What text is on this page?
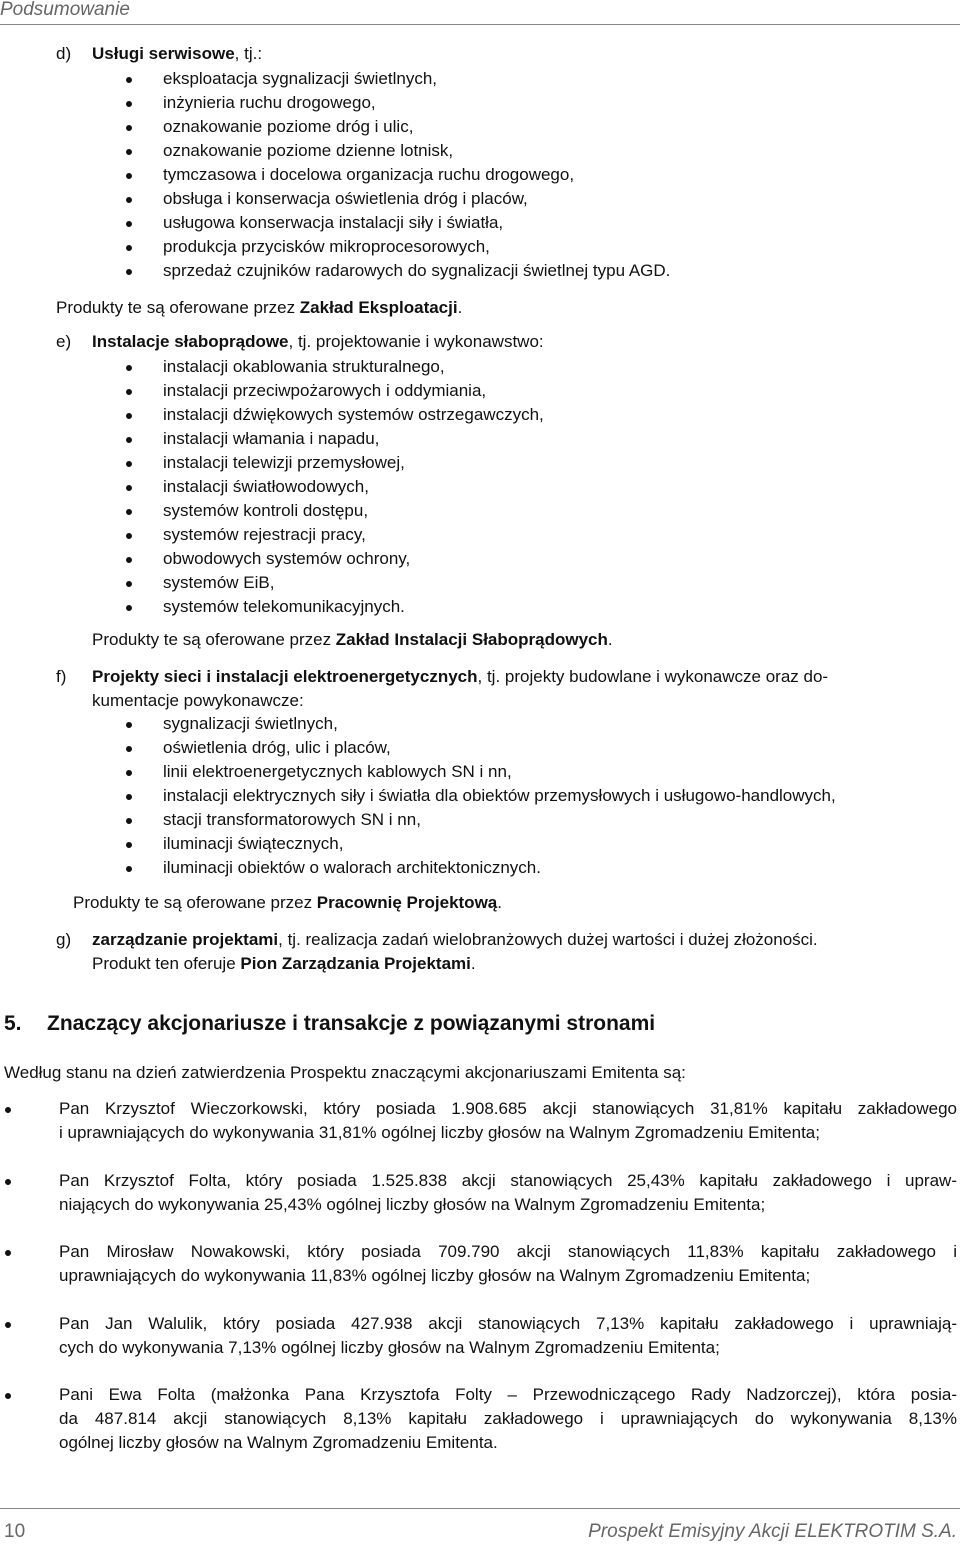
Podsumowanie
d) Usługi serwisowe, tj.:
eksploatacja sygnalizacji świetlnych,
inżynieria ruchu drogowego,
oznakowanie poziome dróg i ulic,
oznakowanie poziome dzienne lotnisk,
tymczasowa i docelowa organizacja ruchu drogowego,
obsługa i konserwacja oświetlenia dróg i placów,
usługowa konserwacja instalacji siły i światła,
produkcja przycisków mikroprocesorowych,
sprzedaż czujników radarowych do sygnalizacji świetlnej typu AGD.
Produkty te są oferowane przez Zakład Eksploatacji.
e) Instalacje słaboprądowe, tj. projektowanie i wykonawstwo:
instalacji okablowania strukturalnego,
instalacji przeciwpożarowych i oddymiania,
instalacji dźwiękowych systemów ostrzegawczych,
instalacji włamania i napadu,
instalacji telewizji przemysłowej,
instalacji światłowodowych,
systemów kontroli dostępu,
systemów rejestracji pracy,
obwodowych systemów ochrony,
systemów EiB,
systemów telekomunikacyjnych.
Produkty te są oferowane przez Zakład Instalacji Słaboprądowych.
f) Projekty sieci i instalacji elektroenergetycznych, tj. projekty budowlane i wykonawcze oraz do-
kumentacje powykonawcze:
sygnalizacji świetlnych,
oświetlenia dróg, ulic i placów,
linii elektroenergetycznych kablowych SN i nn,
instalacji elektrycznych siły i światła dla obiektów przemysłowych i usługowo-handlowych,
stacji transformatorowych SN i nn,
iluminacji świątecznych,
iluminacji obiektów o walorach architektonicznych.
Produkty te są oferowane przez Pracownię Projektową.
g) zarządzanie projektami, tj. realizacja zadań wielobranżowych dużej wartości i dużej złożoności.
Produkt ten oferuje Pion Zarządzania Projektami.
5. Znaczący akcjonariusze i transakcje z powiązanymi stronami
Według stanu na dzień zatwierdzenia Prospektu znaczącymi akcjonariuszami Emitenta są:
Pan Krzysztof Wieczorkowski, który posiada 1.908.685 akcji stanowiących 31,81% kapitału zakładowego
i uprawniających do wykonywania 31,81% ogólnej liczby głosów na Walnym Zgromadzeniu Emitenta;
Pan Krzysztof Folta, który posiada 1.525.838 akcji stanowiących 25,43% kapitału zakładowego i upraw-
niających do wykonywania 25,43% ogólnej liczby głosów na Walnym Zgromadzeniu Emitenta;
Pan Mirosław Nowakowski, który posiada 709.790 akcji stanowiących 11,83% kapitału zakładowego i
uprawniających do wykonywania 11,83% ogólnej liczby głosów na Walnym Zgromadzeniu Emitenta;
Pan Jan Walulik, który posiada 427.938 akcji stanowiących 7,13% kapitału zakładowego i uprawniają-
cych do wykonywania 7,13% ogólnej liczby głosów na Walnym Zgromadzeniu Emitenta;
Pani Ewa Folta (małżonka Pana Krzysztofa Folty – Przewodniczącego Rady Nadzorczej), która posia-
da 487.814 akcji stanowiących 8,13% kapitału zakładowego i uprawniających do wykonywania 8,13%
ogólnej liczby głosów na Walnym Zgromadzeniu Emitenta.
10	Prospekt Emisyjny Akcji ELEKTROTIM S.A.
